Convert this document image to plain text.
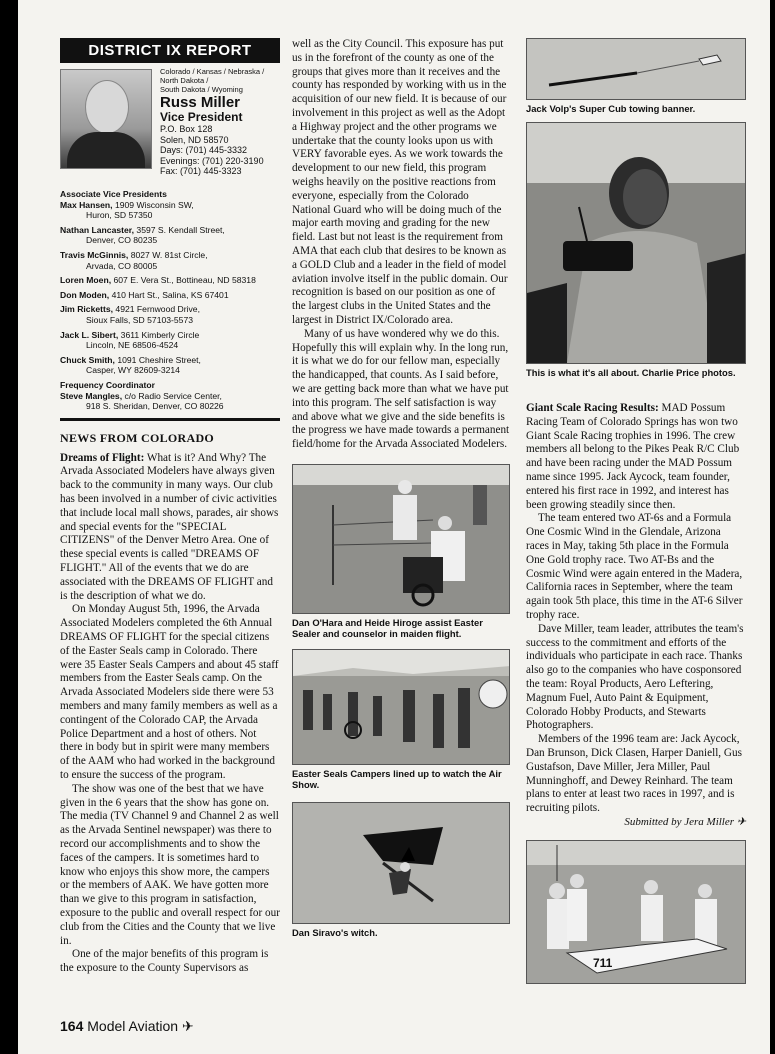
DISTRICT IX REPORT
Colorado / Kansas / Nebraska /
North Dakota /
South Dakota / Wyoming
Russ Miller
Vice President
P.O. Box 128
Solen, ND 58570
Days: (701) 445-3332
Evenings: (701) 220-3190
Fax: (701) 445-3323
Associate Vice Presidents
Max Hansen, 1909 Wisconsin SW,
Huron, SD 57350
Nathan Lancaster, 3597 S. Kendall Street,
Denver, CO 80235
Travis McGinnis, 8027 W. 81st Circle,
Arvada, CO 80005
Loren Moen, 607 E. Vera St., Bottineau, ND 58318
Don Moden, 410 Hart St., Salina, KS 67401
Jim Ricketts, 4921 Fernwood Drive,
Sioux Falls, SD 57103-5573
Jack L. Sibert, 3611 Kimberly Circle
Lincoln, NE 68506-4524
Chuck Smith, 1091 Cheshire Street,
Casper, WY 82609-3214
Frequency Coordinator
Steve Mangles, c/o Radio Service Center,
918 S. Sheridan, Denver, CO 80226
NEWS FROM COLORADO

Dreams of Flight: What is it? And Why? The Arvada Associated Modelers have always given back to the community in many ways. Our club has been involved in a number of civic activities that include local mall shows, parades, air shows and special events for the "SPECIAL CITIZENS" of the Denver Metro Area. One of these special events is called "DREAMS OF FLIGHT." All of the events that we do are associated with the DREAMS OF FLIGHT and is the description of what we do.

On Monday August 5th, 1996, the Arvada Associated Modelers completed the 6th Annual DREAMS OF FLIGHT for the special citizens of the Easter Seals camp in Colorado. There were 35 Easter Seals Campers and about 45 staff members from the Easter Seals camp. On the Arvada Associated Modelers side there were 53 members and many family members as well as a contingent of the Colorado CAP, the Arvada Police Department and a host of others. Not there in body but in spirit were many members of the AAM who had worked in the background to ensure the success of the program.

The show was one of the best that we have given in the 6 years that the show has gone on. The media (TV Channel 9 and Channel 2 as well as the Arvada Sentinel newspaper) was there to record our accomplishments and to show the faces of the campers. It is sometimes hard to know who enjoys this show more, the campers or the members of AAK. We have gotten more than we give to this program in satisfaction, exposure to the public and overall respect for our club from the Cities and the County that we live in.

One of the major benefits of this program is the exposure to the County Supervisors as

well as the City Council. This exposure has put us in the forefront of the county as one of the groups that gives more than it receives and the county has responded by working with us in the acquisition of our new field. It is because of our involvement in this project as well as the Adopt a Highway project and the other programs we undertake that the county looks upon us with VERY favorable eyes. As we work towards the development to our new field, this program weighs heavily on the positive reactions from everyone, especially from the Colorado National Guard who will be doing much of the major earth moving and grading for the new field. Last but not least is the requirement from AMA that each club that desires to be known as a GOLD Club and a leader in the field of model aviation involve itself in the public domain. Our recognition is based on our position as one of the largest clubs in the United States and the largest in District IX/Colorado area.

Many of us have wondered why we do this. Hopefully this will explain why. In the long run, it is what we do for our fellow man, especially the handicapped, that counts. As I said before, we are getting back more than what we have put into this program. The self satisfaction is way and above what we give and the side benefits is the progress we have made towards a permanent field/home for the Arvada Associated Modelers.

Dan O'Hara and Heide Hiroge assist Easter Sealer and counselor in maiden flight.
Easter Seals Campers lined up to watch the Air Show.
Dan Siravo's witch.
Jack Volp's Super Cub towing banner.
This is what it's all about. Charlie Price photos.

Giant Scale Racing Results: MAD Possum Racing Team of Colorado Springs has won two Giant Scale Racing trophies in 1996. The crew members all belong to the Pikes Peak R/C Club and have been racing under the MAD Possum name since 1995. Jack Aycock, team founder, entered his first race in 1992, and interest has been growing steadily since then.

The team entered two AT-6s and a Formula One Cosmic Wind in the Glendale, Arizona races in May, taking 5th place in the Formula One Gold trophy race. Two AT-Bs and the Cosmic Wind were again entered in the Madera, California races in September, where the team again took 5th place, this time in the AT-6 Silver trophy race.

Dave Miller, team leader, attributes the team's success to the commitment and efforts of the individuals who participate in each race. Thanks also go to the companies who have cosponsored the team: Royal Products, Aero Leftering, Magnum Fuel, Auto Paint & Equipment, Colorado Hobby Products, and Stewarts Photographers.

Members of the 1996 team are: Jack Aycock, Dan Brunson, Dick Clasen, Harper Daniell, Gus Gustafson, Dave Miller, Jera Miller, Paul Munninghoff, and Dewey Reinhard. The team plans to enter at least two races in 1997, and is recruiting pilots.

Submitted by Jera Miller ✈
711
164 Model Aviation ✈
